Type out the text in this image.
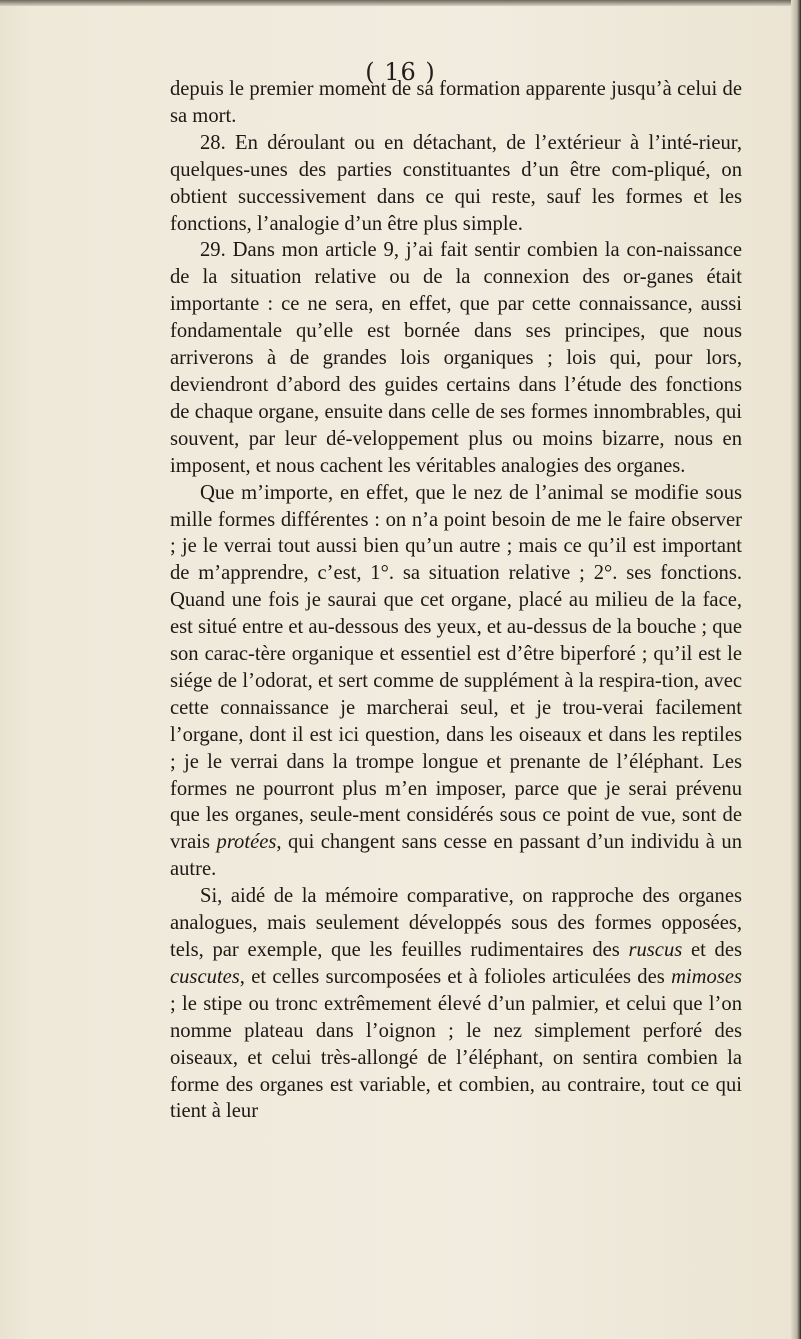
( 16 )

depuis le premier moment de sa formation apparente jusqu’à celui de sa mort.

28. En déroulant ou en détachant, de l’extérieur à l’inté-rieur, quelques-unes des parties constituantes d’un être com-pliqué, on obtient successivement dans ce qui reste, sauf les formes et les fonctions, l’analogie d’un être plus simple.

29. Dans mon article 9, j’ai fait sentir combien la con-naissance de la situation relative ou de la connexion des or-ganes était importante : ce ne sera, en effet, que par cette connaissance, aussi fondamentale qu’elle est bornée dans ses principes, que nous arriverons à de grandes lois organiques ; lois qui, pour lors, deviendront d’abord des guides certains dans l’étude des fonctions de chaque organe, ensuite dans celle de ses formes innombrables, qui souvent, par leur dé-veloppement plus ou moins bizarre, nous en imposent, et nous cachent les véritables analogies des organes.

Que m’importe, en effet, que le nez de l’animal se modifie sous mille formes différentes : on n’a point besoin de me le faire observer ; je le verrai tout aussi bien qu’un autre ; mais ce qu’il est important de m’apprendre, c’est, 1°. sa situation relative ; 2°. ses fonctions. Quand une fois je saurai que cet organe, placé au milieu de la face, est situé entre et au-dessous des yeux, et au-dessus de la bouche ; que son carac-tère organique et essentiel est d’être biperforé ; qu’il est le siége de l’odorat, et sert comme de supplément à la respira-tion, avec cette connaissance je marcherai seul, et je trou-verai facilement l’organe, dont il est ici question, dans les oiseaux et dans les reptiles ; je le verrai dans la trompe longue et prenante de l’éléphant. Les formes ne pourront plus m’en imposer, parce que je serai prévenu que les organes, seule-ment considérés sous ce point de vue, sont de vrais protées, qui changent sans cesse en passant d’un individu à un autre.

Si, aidé de la mémoire comparative, on rapproche des organes analogues, mais seulement développés sous des formes opposées, tels, par exemple, que les feuilles rudimentaires des ruscus et des cuscutes, et celles surcomposées et à folioles articulées des mimoses ; le stipe ou tronc extrêmement élevé d’un palmier, et celui que l’on nomme plateau dans l’oignon ; le nez simplement perforé des oiseaux, et celui très-allongé de l’éléphant, on sentira combien la forme des organes est variable, et combien, au contraire, tout ce qui tient à leur
